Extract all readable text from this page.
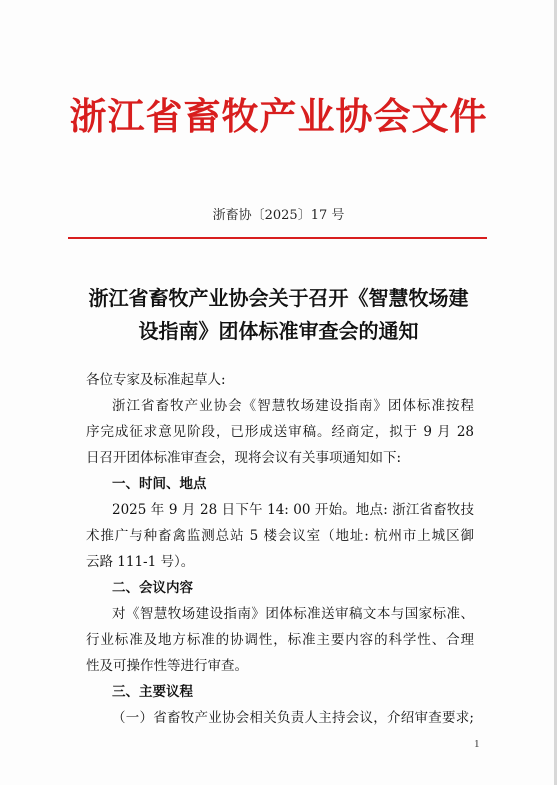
浙江省畜牧产业协会文件
浙畜协〔2025〕17 号
浙江省畜牧产业协会关于召开《智慧牧场建
设指南》团体标准审查会的通知
各位专家及标准起草人:
浙江省畜牧产业协会《智慧牧场建设指南》团体标准按程
序完成征求意见阶段，已形成送审稿。经商定，拟于 9 月 28
日召开团体标准审查会，现将会议有关事项通知如下:
一、时间、地点
2025 年 9 月 28 日下午 14: 00 开始。地点: 浙江省畜牧技
术推广与种畜禽监测总站 5 楼会议室（地址: 杭州市上城区御
云路 111-1 号）。
二、会议内容
对《智慧牧场建设指南》团体标准送审稿文本与国家标准、
行业标准及地方标准的协调性，标准主要内容的科学性、合理
性及可操作性等进行审查。
三、主要议程
（一）省畜牧产业协会相关负责人主持会议，介绍审查要求;
1
